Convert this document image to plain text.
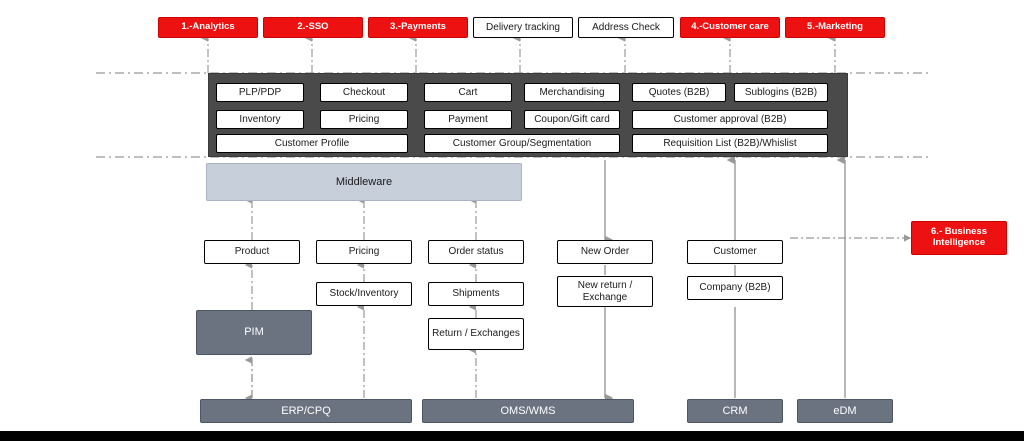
1.-Analytics	2.-SSO	3.-Payments	Delivery tracking	Address Check	4.-Customer care	5.-Marketing
PLP/PDP	Checkout	Cart	Merchandising	Quotes (B2B)	Sublogins (B2B)
Inventory	Pricing	Payment	Coupon/Gift card	Customer approval (B2B)
Customer Profile	Customer Group/Segmentation	Requisition List (B2B)/Whislist
Middleware
Product	Pricing	Order status	New Order	Customer
Stock/Inventory	Shipments
New return / Exchange
Company (B2B)
Return / Exchanges
PIM
6.- Business Intelligence
ERP/CPQ	OMS/WMS	CRM	eDM
